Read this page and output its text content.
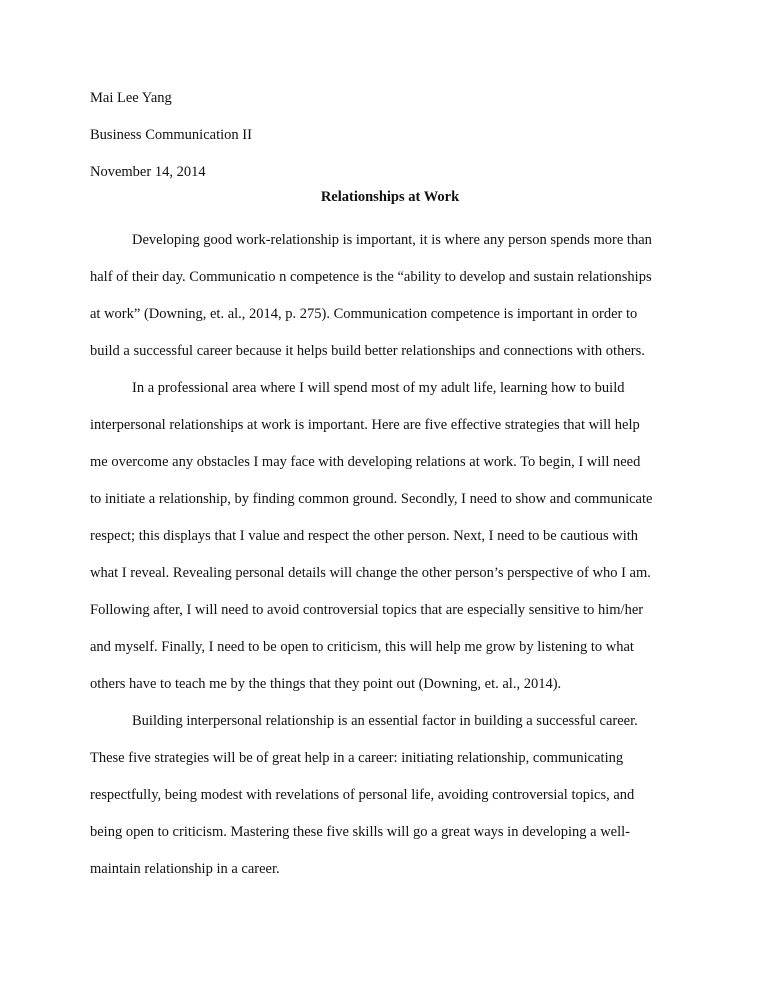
Mai Lee Yang
Business Communication II
November 14, 2014
Relationships at Work
Developing good work-relationship is important, it is where any person spends more than
half of their day. Communicatio n competence is the “ability to develop and sustain relationships
at work” (Downing, et. al., 2014, p. 275). Communication competence is important in order to
build a successful career because it helps build better relationships and connections with others.
In a professional area where I will spend most of my adult life, learning how to build
interpersonal relationships at work is important. Here are five effective strategies that will help
me overcome any obstacles I may face with developing relations at work. To begin, I will need
to initiate a relationship, by finding common ground. Secondly, I need to show and communicate
respect; this displays that I value and respect the other person. Next, I need to be cautious with
what I reveal. Revealing personal details will change the other person’s perspective of who I am.
Following after, I will need to avoid controversial topics that are especially sensitive to him/her
and myself. Finally, I need to be open to criticism, this will help me grow by listening to what
others have to teach me by the things that they point out (Downing, et. al., 2014).
Building interpersonal relationship is an essential factor in building a successful career.
These five strategies will be of great help in a career: initiating relationship, communicating
respectfully, being modest with revelations of personal life, avoiding controversial topics, and
being open to criticism. Mastering these five skills will go a great ways in developing a well-
maintain relationship in a career.
